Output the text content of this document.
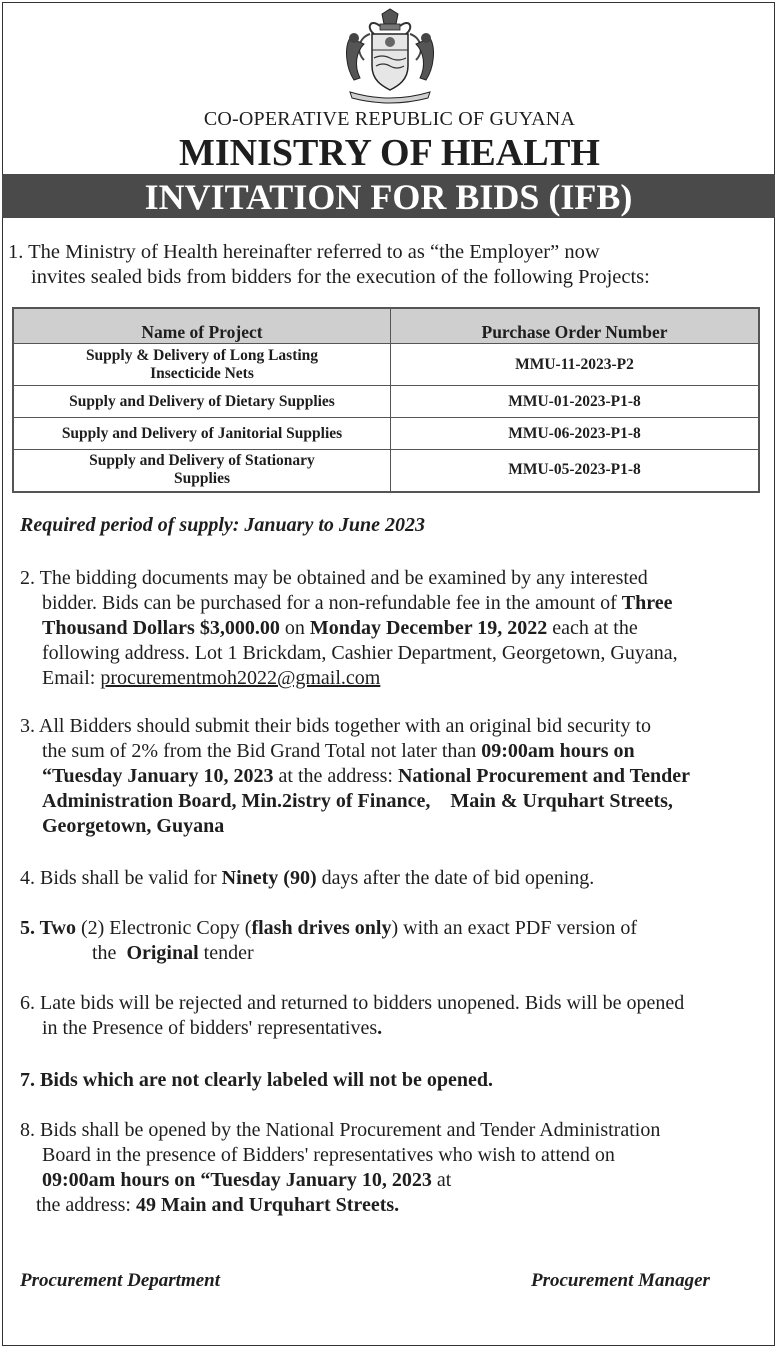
CO-OPERATIVE REPUBLIC OF GUYANA
MINISTRY OF HEALTH
INVITATION FOR BIDS (IFB)
1. The Ministry of Health hereinafter referred to as “the Employer” now
invites sealed bids from bidders for the execution of the following Projects:
Name of Project	Purchase Order Number

Supply & Delivery of Long Lasting
Insecticide Nets	MMU-11-2023-P2
Supply and Delivery of Dietary Supplies	MMU-01-2023-P1-8
Supply and Delivery of Janitorial Supplies	MMU-06-2023-P1-8

Supply and Delivery of Stationary
Supplies	MMU-05-2023-P1-8
Required period of supply: January to June 2023
2. The bidding documents may be obtained and be examined by any interested
bidder. Bids can be purchased for a non-refundable fee in the amount of Three
Thousand Dollars $3,000.00 on Monday December 19, 2022 each at the
following address. Lot 1 Brickdam, Cashier Department, Georgetown, Guyana,
Email: procurementmoh2022@gmail.com
3. All Bidders should submit their bids together with an original bid security to
the sum of 2% from the Bid Grand Total not later than 09:00am hours on
“Tuesday January 10, 2023 at the address: National Procurement and Tender
Administration Board, Min.2istry of Finance,    Main & Urquhart Streets,
Georgetown, Guyana
4. Bids shall be valid for Ninety (90) days after the date of bid opening.
5. Two (2) Electronic Copy (flash drives only) with an exact PDF version of
the  Original tender
6. Late bids will be rejected and returned to bidders unopened. Bids will be opened
in the Presence of bidders' representatives.
7. Bids which are not clearly labeled will not be opened.
8. Bids shall be opened by the National Procurement and Tender Administration
Board in the presence of Bidders' representatives who wish to attend on
09:00am hours on “Tuesday January 10, 2023 at
the address: 49 Main and Urquhart Streets.
Procurement Department	Procurement Manager
